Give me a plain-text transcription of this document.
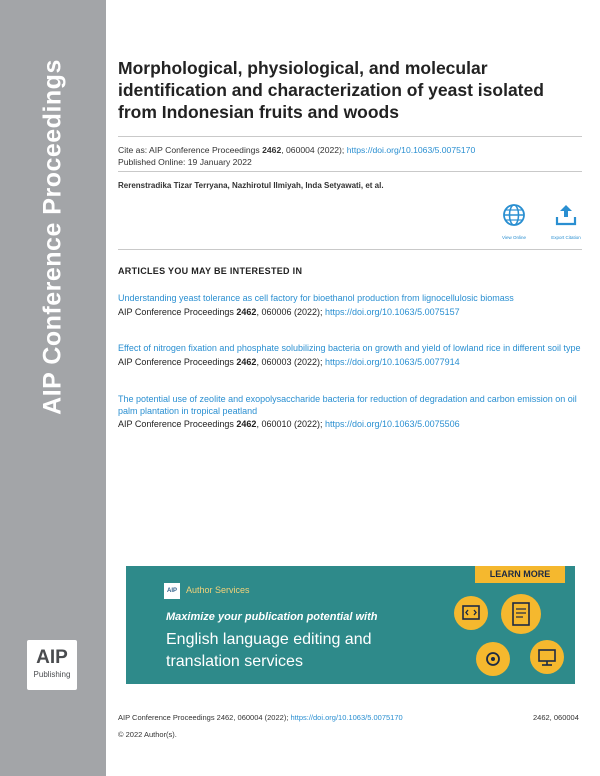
AIP Conference Proceedings
AIP
Publishing
Morphological, physiological, and molecular identification and characterization of yeast isolated from Indonesian fruits and woods
Cite as: AIP Conference Proceedings 2462, 060004 (2022); https://doi.org/10.1063/5.0075170
Published Online: 19 January 2022
Rerenstradika Tizar Terryana, Nazhirotul Ilmiyah, Inda Setyawati, et al.
View Online	Export Citation
ARTICLES YOU MAY BE INTERESTED IN
Understanding yeast tolerance as cell factory for bioethanol production from lignocellulosic biomass
AIP Conference Proceedings 2462, 060006 (2022); https://doi.org/10.1063/5.0075157
Effect of nitrogen fixation and phosphate solubilizing bacteria on growth and yield of lowland rice in different soil type
AIP Conference Proceedings 2462, 060003 (2022); https://doi.org/10.1063/5.0077914
The potential use of zeolite and exopolysaccharide bacteria for reduction of degradation and carbon emission on oil palm plantation in tropical peatland
AIP Conference Proceedings 2462, 060010 (2022); https://doi.org/10.1063/5.0075506
LEARN MORE
AIP	Author Services
Maximize your publication potential with
English language editing and
translation services
AIP Conference Proceedings 2462, 060004 (2022); https://doi.org/10.1063/5.0075170	2462, 060004
© 2022 Author(s).
